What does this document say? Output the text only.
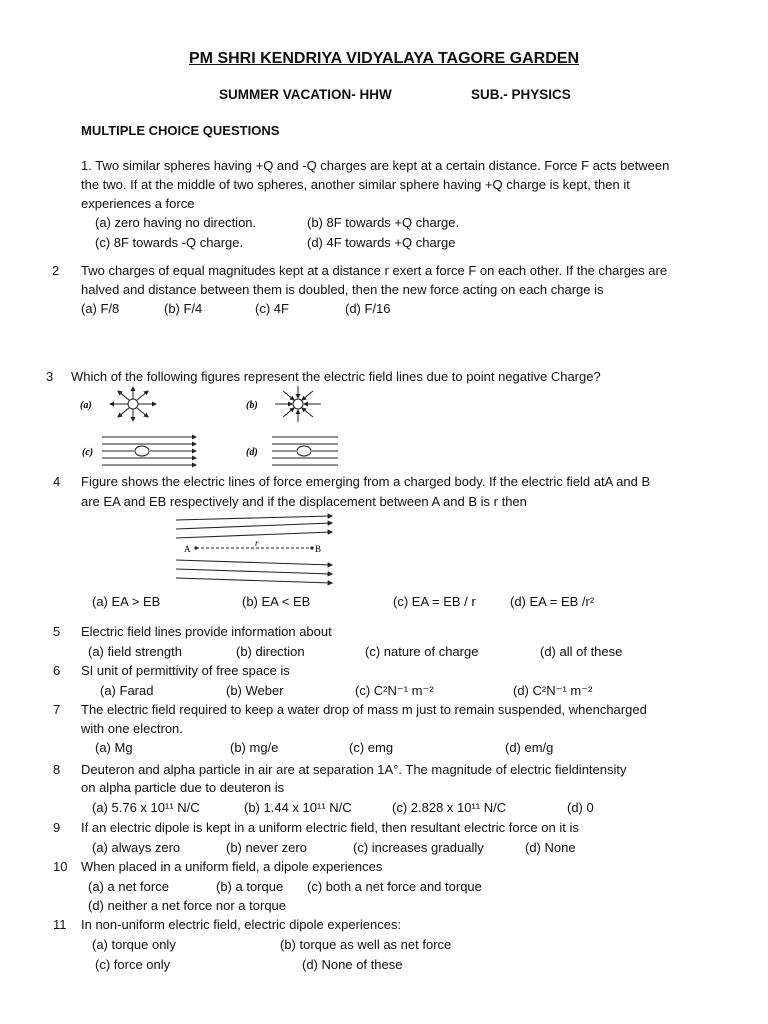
PM SHRI KENDRIYA VIDYALAYA TAGORE GARDEN
SUMMER VACATION- HHW	SUB.- PHYSICS
MULTIPLE CHOICE QUESTIONS
1. Two similar spheres having +Q and -Q charges are kept at a certain distance. Force F acts between
the two. If at the middle of two spheres, another similar sphere having +Q charge is kept, then it
experiences a force
(a) zero having no direction.	(b) 8F towards +Q charge.
(c) 8F towards -Q charge.	(d) 4F towards +Q charge
2 Two charges of equal magnitudes kept at a distance r exert a force F on each other. If the charges are
halved and distance between them is doubled, then the new force acting on each charge is
(a) F/8	(b) F/4	(c) 4F	(d) F/16
3 Which of the following figures represent the electric field lines due to point negative Charge?
(a)	(b)
(c)	(d)
4 Figure shows the electric lines of force emerging from a charged body. If the electric field atA and B
are EA and EB respectively and if the displacement between A and B is r then
A
r
B
(a) EA > EB	(b) EA < EB	(c) EA = EB / r	(d) EA = EB /r²
5 Electric field lines provide information about
(a) field strength	(b) direction	(c) nature of charge	(d) all of these
6 SI unit of permittivity of free space is
(a) Farad	(b) Weber	(c) C²N⁻¹ m⁻²	(d) C²N⁻¹ m⁻²
7 The electric field required to keep a water drop of mass m just to remain suspended, whencharged
with one electron.
(a) Mg	(b) mg/e	(c) emg	(d) em/g
8 Deuteron and alpha particle in air are at separation 1A°. The magnitude of electric fieldintensity
on alpha particle due to deuteron is
(a) 5.76 x 10¹¹ N/C	(b) 1.44 x 10¹¹ N/C	(c) 2.828 x 10¹¹ N/C	(d) 0
9 If an electric dipole is kept in a uniform electric field, then resultant electric force on it is
(a) always zero	(b) never zero	(c) increases gradually	(d) None
10 When placed in a uniform field, a dipole experiences
(a) a net force	(b) a torque (c) both a net force and torque
(d) neither a net force nor a torque
11 In non-uniform electric field, electric dipole experiences:
(a) torque only	(b) torque as well as net force
(c) force only	(d) None of these
